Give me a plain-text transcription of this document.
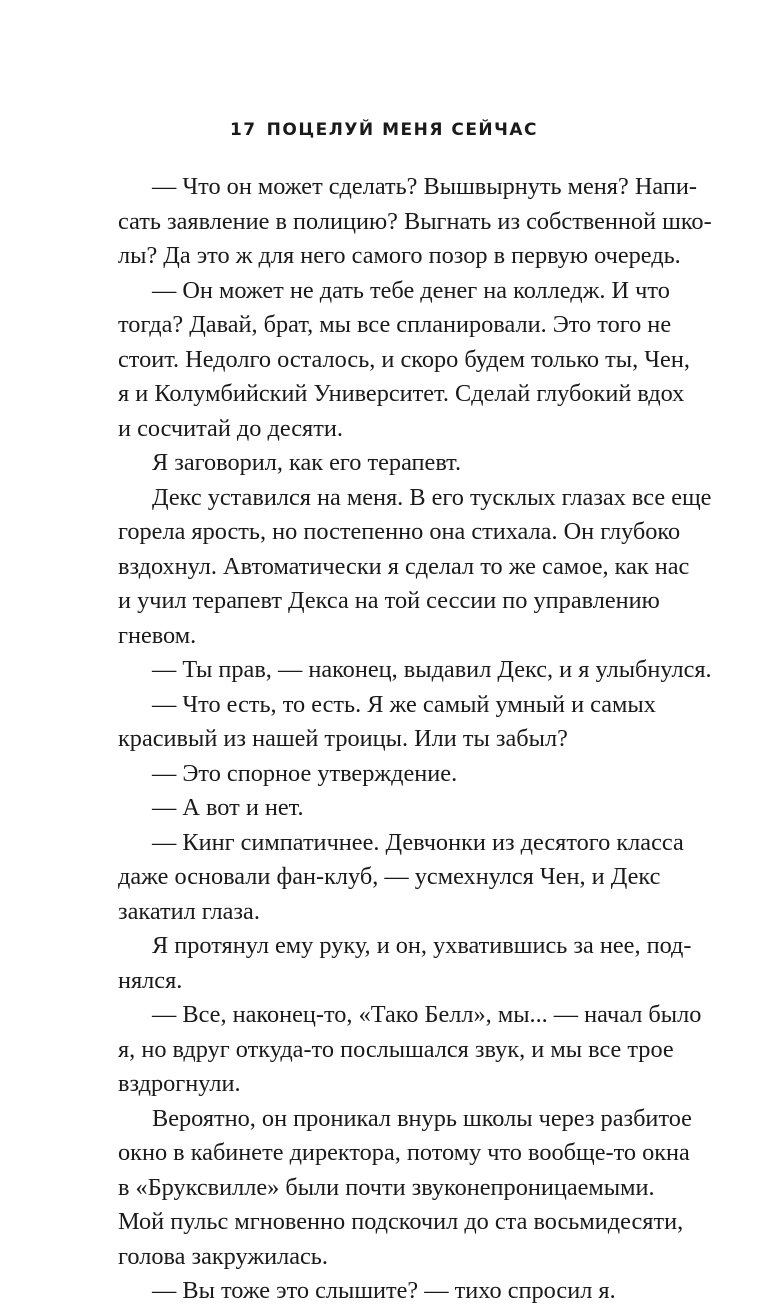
17 ПОЦЕЛУЙ МЕНЯ СЕЙЧАС
— Что он может сделать? Вышвырнуть меня? Напи-
сать заявление в полицию? Выгнать из собственной шко-
лы? Да это ж для него самого позор в первую очередь.
— Он может не дать тебе денег на колледж. И что
тогда? Давай, брат, мы все спланировали. Это того не
стоит. Недолго осталось, и скоро будем только ты, Чен,
я и Колумбийский Университет. Сделай глубокий вдох
и сосчитай до десяти.
Я заговорил, как его терапевт.
Декс уставился на меня. В его тусклых глазах все еще
горела ярость, но постепенно она стихала. Он глубоко
вздохнул. Автоматически я сделал то же самое, как нас
и учил терапевт Декса на той сессии по управлению
гневом.
— Ты прав, — наконец, выдавил Декс, и я улыбнулся.
— Что есть, то есть. Я же самый умный и самых
красивый из нашей троицы. Или ты забыл?
— Это спорное утверждение.
— А вот и нет.
— Кинг симпатичнее. Девчонки из десятого класса
даже основали фан-клуб, — усмехнулся Чен, и Декс
закатил глаза.
Я протянул ему руку, и он, ухватившись за нее, под-
нялся.
— Все, наконец-то, «Тако Белл», мы... — начал было
я, но вдруг откуда-то послышался звук, и мы все трое
вздрогнули.
Вероятно, он проникал внурь школы через разбитое
окно в кабинете директора, потому что вообще-то окна
в «Бруксвилле» были почти звуконепроницаемыми.
Мой пульс мгновенно подскочил до ста восьмидесяти,
голова закружилась.
— Вы тоже это слышите? — тихо спросил я.
